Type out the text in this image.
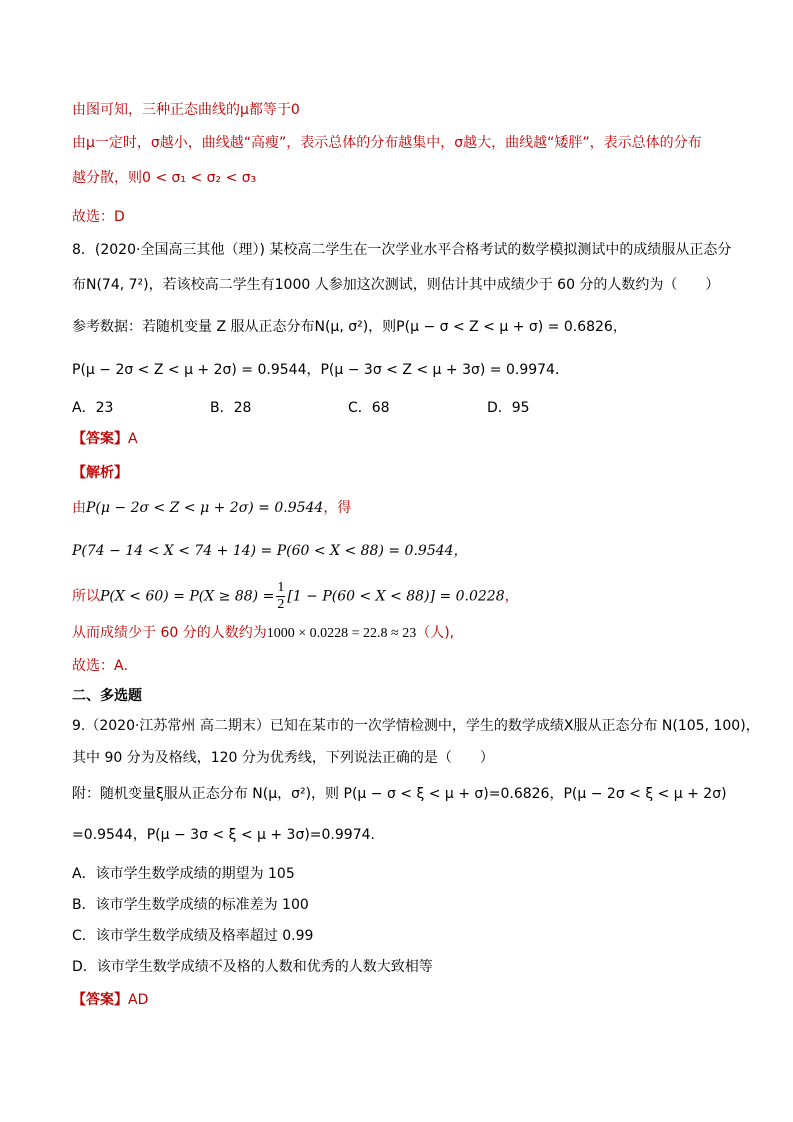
由图可知，三种正态曲线的μ都等于0
由μ一定时，σ越小，曲线越“高瘦”，表示总体的分布越集中，σ越大，曲线越“矮胖”，表示总体的分布
越分散，则0 < σ₁ < σ₂ < σ₃
故选：D
8．(2020·全国高三其他（理）) 某校高二学生在一次学业水平合格考试的数学模拟测试中的成绩服从正态分
布N(74, 7²)，若该校高二学生有1000 人参加这次测试，则估计其中成绩少于 60 分的人数约为（　　）
参考数据：若随机变量 Z 服从正态分布N(μ, σ²)，则P(μ − σ < Z < μ + σ) = 0.6826，
P(μ − 2σ < Z < μ + 2σ) = 0.9544，P(μ − 3σ < Z < μ + 3σ) = 0.9974．
A．23	B．28	C．68	D．95
【答案】A
【解析】
由P(μ − 2σ < Z < μ + 2σ) = 0.9544，得
P(74 − 14 < X < 74 + 14) = P(60 < X < 88) = 0.9544，
所以$P(X < 60) = P(X \ge 88) = \frac{1}{2} [1 - P(60 < X < 88)] = 0.0228$，
从而成绩少于 60 分的人数约为1000 × 0.0228 = 22.8 ≈ 23（人),
故选：A．
二、多选题
9.（2020·江苏常州 高二期末）已知在某市的一次学情检测中，学生的数学成绩X服从正态分布 N(105, 100)，
其中 90 分为及格线，120 分为优秀线，下列说法正确的是（　　）
附：随机变量ξ服从正态分布 N(μ，σ²)，则 P(μ − σ < ξ < μ + σ)=0.6826，P(μ − 2σ < ξ < μ + 2σ)
=0.9544，P(μ − 3σ < ξ < μ + 3σ)=0.9974.
A．该市学生数学成绩的期望为 105
B．该市学生数学成绩的标准差为 100
C．该市学生数学成绩及格率超过 0.99
D．该市学生数学成绩不及格的人数和优秀的人数大致相等
【答案】AD
